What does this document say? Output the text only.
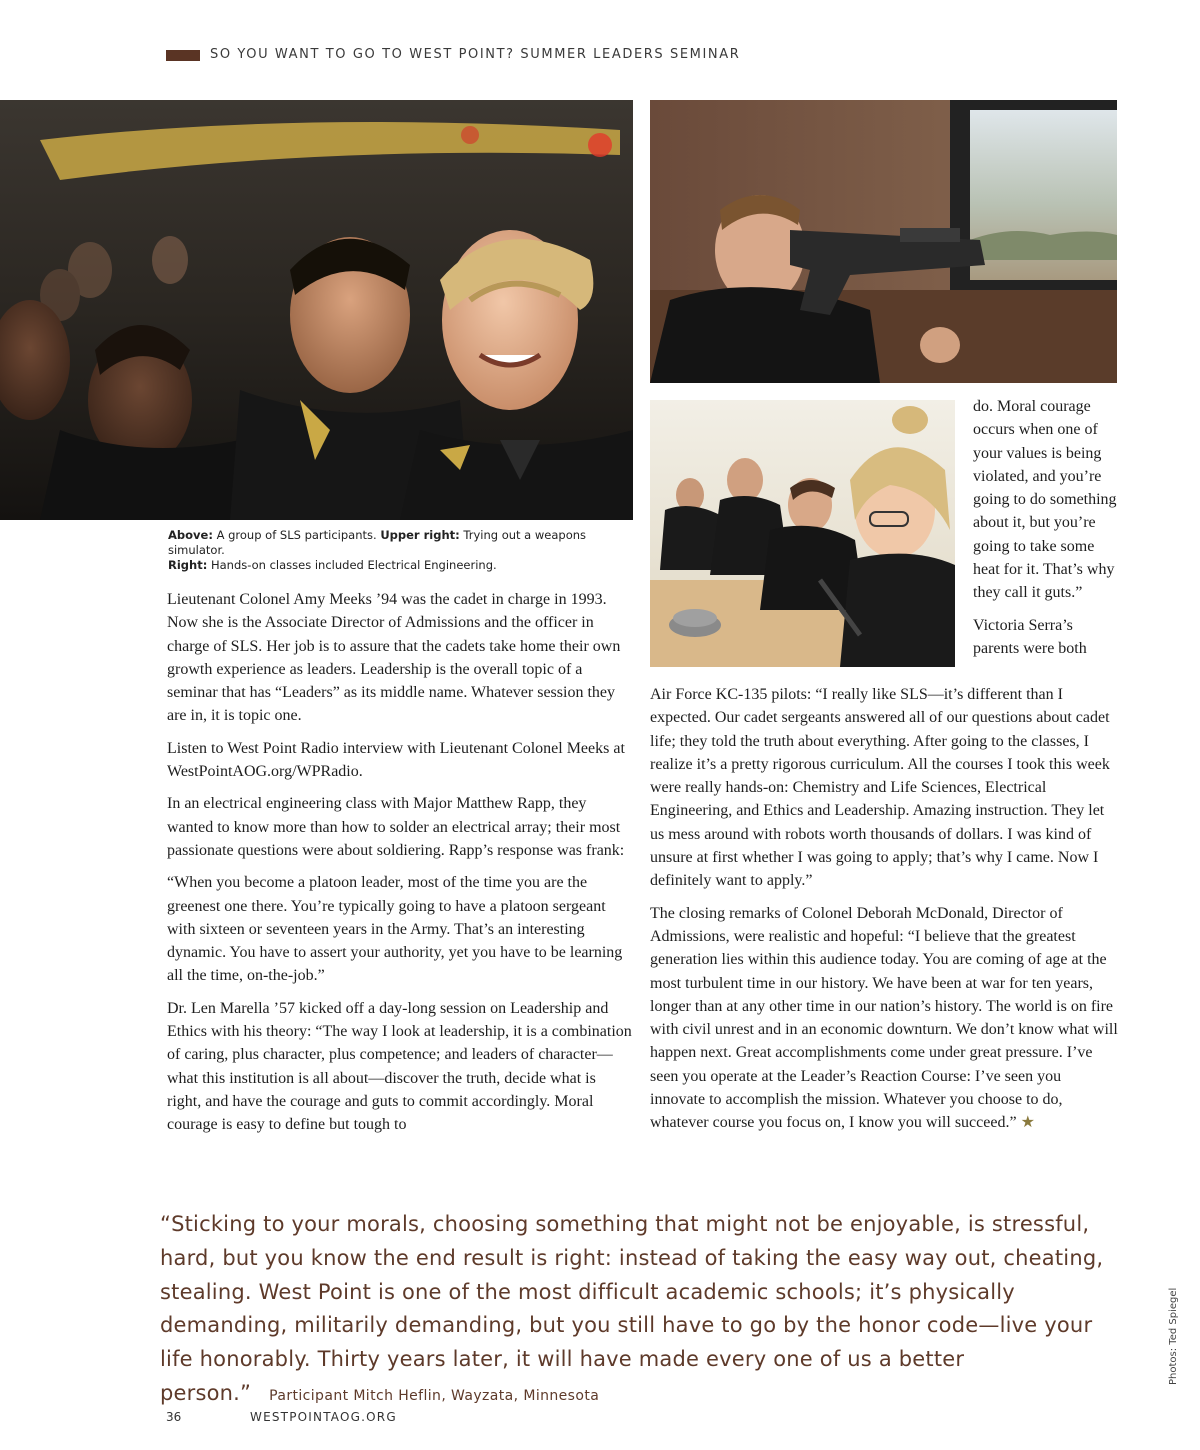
SO YOU WANT TO GO TO WEST POINT? SUMMER LEADERS SEMINAR
Above: A group of SLS participants. Upper right: Trying out a weapons simulator.
Right: Hands-on classes included Electrical Engineering.

Lieutenant Colonel Amy Meeks ’94 was the cadet in charge in 1993. Now she is the Associate Director of Admissions and the officer in charge of SLS. Her job is to assure that the cadets take home their own growth experience as leaders. Leadership is the overall topic of a seminar that has “Leaders” as its middle name. Whatever session they are in, it is topic one.

Listen to West Point Radio interview with Lieutenant Colonel Meeks at WestPointAOG.org/WPRadio.

In an electrical engineering class with Major Matthew Rapp, they wanted to know more than how to solder an electrical array; their most passionate questions were about soldiering. Rapp’s response was frank:

“When you become a platoon leader, most of the time you are the greenest one there. You’re typically going to have a platoon sergeant with sixteen or seventeen years in the Army. That’s an interesting dynamic. You have to assert your authority, yet you have to be learning all the time, on-the-job.”

Dr. Len Marella ’57 kicked off a day-long session on Leadership and Ethics with his theory: “The way I look at leadership, it is a combination of caring, plus character, plus competence; and leaders of character—what this institution is all about—discover the truth, decide what is right, and have the courage and guts to commit accordingly. Moral courage is easy to define but tough to

do. Moral courage occurs when one of your values is being violated, and you’re going to do something about it, but you’re going to take some heat for it. That’s why they call it guts.”

Victoria Serra’s parents were both

Air Force KC-135 pilots: “I really like SLS—it’s different than I expected. Our cadet sergeants answered all of our questions about cadet life; they told the truth about everything. After going to the classes, I realize it’s a pretty rigorous curriculum. All the courses I took this week were really hands-on: Chemistry and Life Sciences, Electrical Engineering, and Ethics and Leadership. Amazing instruction. They let us mess around with robots worth thousands of dollars. I was kind of unsure at first whether I was going to apply; that’s why I came. Now I definitely want to apply.”

The closing remarks of Colonel Deborah McDonald, Director of Admissions, were realistic and hopeful: “I believe that the greatest generation lies within this audience today. You are coming of age at the most turbulent time in our history. We have been at war for ten years, longer than at any other time in our nation’s history. The world is on fire with civil unrest and in an economic downturn. We don’t know what will happen next. Great accomplishments come under great pressure. I’ve seen you operate at the Leader’s Reaction Course: I’ve seen you innovate to accomplish the mission. Whatever you choose to do, whatever course you focus on, I know you will succeed.” ★

“Sticking to your morals, choosing something that might not be enjoyable, is stressful, hard, but you know the end result is right: instead of taking the easy way out, cheating, stealing. West Point is one of the most difficult academic schools; it’s physically demanding, militarily demanding, but you still have to go by the honor code—live your life honorably. Thirty years later, it will have made every one of us a better person.” Participant Mitch Heflin, Wayzata, Minnesota
Photos: Ted Spiegel
36	WESTPOINTAOG.ORG
